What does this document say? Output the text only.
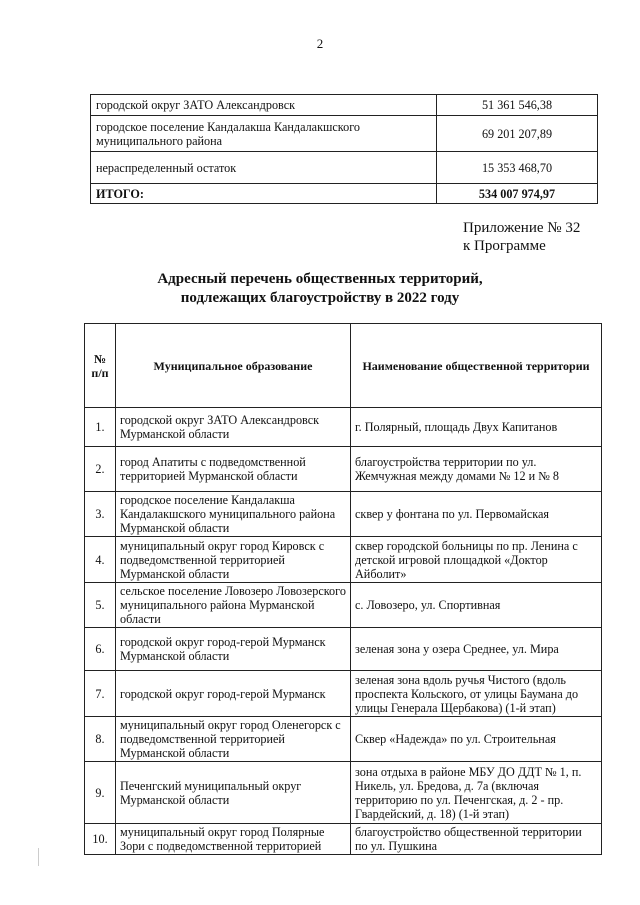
2
городской округ ЗАТО Александровск	51 361 546,38
городское поселение Кандалакша Кандалакшского муниципального района	69 201 207,89
нераспределенный остаток	15 353 468,70
ИТОГО:	534 007 974,97
Приложение № 32
к Программе
Адресный перечень общественных территорий,
подлежащих благоустройству в 2022 году
№ п/п	Муниципальное образование	Наименование общественной территории
1.	городской округ ЗАТО Александровск Мурманской области	г. Полярный, площадь Двух Капитанов
2.	город Апатиты с подведомственной территорией Мурманской области	благоустройства территории по ул. Жемчужная между домами № 12 и № 8
3.	городское поселение Кандалакша Кандалакшского муниципального района Мурманской области	сквер у фонтана по ул. Первомайская
4.	муниципальный округ город Кировск с подведомственной территорией Мурманской области	сквер городской больницы по пр. Ленина с детской игровой площадкой «Доктор Айболит»
5.	сельское поселение Ловозеро Ловозерского муниципального района Мурманской области	с. Ловозеро, ул. Спортивная
6.	городской округ город-герой Мурманск Мурманской области	зеленая зона у озера Среднее, ул. Мира
7.	городской округ город-герой Мурманск	зеленая зона вдоль ручья Чистого (вдоль проспекта Кольского, от улицы Баумана до улицы Генерала Щербакова) (1-й этап)
8.	муниципальный округ город Оленегорск с подведомственной территорией Мурманской области	Сквер «Надежда» по ул. Строительная
9.	Печенгский муниципальный округ Мурманской области	зона отдыха в районе МБУ ДО ДДТ № 1, п. Никель, ул. Бредова, д. 7а (включая территорию по ул. Печенгская, д. 2 - пр. Гвардейский, д. 18) (1-й этап)
10.	муниципальный округ город Полярные Зори с подведомственной территорией	благоустройство общественной территории по ул. Пушкина
